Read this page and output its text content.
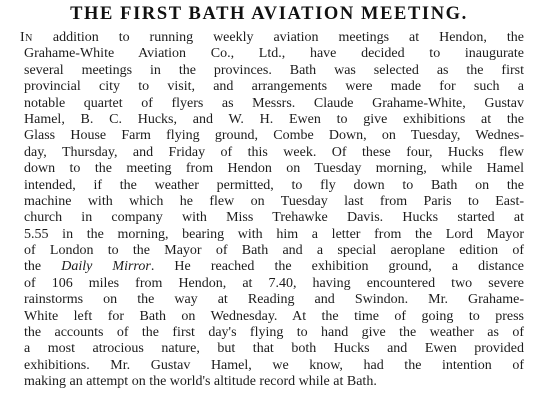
THE FIRST BATH AVIATION MEETING.
In addition to running weekly aviation meetings at Hendon, the
Grahame-White Aviation Co., Ltd., have decided to inaugurate
several meetings in the provinces. Bath was selected as the first
provincial city to visit, and arrangements were made for such a
notable quartet of flyers as Messrs. Claude Grahame-White, Gustav
Hamel, B. C. Hucks, and W. H. Ewen to give exhibitions at the
Glass House Farm flying ground, Combe Down, on Tuesday, Wednes-
day, Thursday, and Friday of this week. Of these four, Hucks flew
down to the meeting from Hendon on Tuesday morning, while Hamel
intended, if the weather permitted, to fly down to Bath on the
machine with which he flew on Tuesday last from Paris to East-
church in company with Miss Trehawke Davis. Hucks started at
5.55 in the morning, bearing with him a letter from the Lord Mayor
of London to the Mayor of Bath and a special aeroplane edition of
the Daily Mirror. He reached the exhibition ground, a distance
of 106 miles from Hendon, at 7.40, having encountered two severe
rainstorms on the way at Reading and Swindon. Mr. Grahame-
White left for Bath on Wednesday. At the time of going to press
the accounts of the first day's flying to hand give the weather as of
a most atrocious nature, but that both Hucks and Ewen provided
exhibitions. Mr. Gustav Hamel, we know, had the intention of
making an attempt on the world's altitude record while at Bath.
